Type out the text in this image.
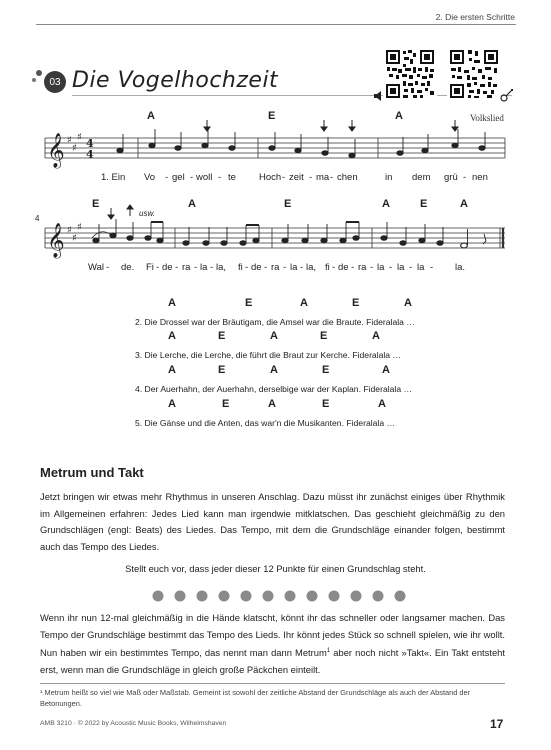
2. Die ersten Schritte
03 Die Vogelhochzeit
Volkslied
𝄞 ♯
♯
♯ 4
4
A	E	A
1. Ein Vo - gel - woll - te Hoch - zeit - ma - chen	in dem grü - nen
4
𝄞 ♯
♯
♯
usw.
E	A	E	A	E	A
Wal - de. Fi - de - ra - la - la, fi - de - ra - la - la, fi - de - ra - la - la - la - la.
A	E	A	E	A
2. Die Drossel war der Bräutigam, die Amsel war die Braute. Fideralala …
A	E	A	E	A
3. Die Lerche, die Lerche, die führt die Braut zur Kerche. Fideralala …
A	E	A	E	A
4. Der Auerhahn, der Auerhahn, derselbige war der Kaplan. Fideralala …
A	E	A	E	A
5. Die Gänse und die Anten, das war'n die Musikanten. Fideralala …
Metrum und Takt
Jetzt bringen wir etwas mehr Rhythmus in unseren Anschlag. Dazu müsst ihr zunächst einiges über Rhythmik im Allgemeinen erfahren: Jedes Lied kann man irgendwie mitklatschen. Das geschieht gleichmäßig zu den Grundschlägen (engl: Beats) des Liedes. Das Tempo, mit dem die Grundschläge einander folgen, bestimmt auch das Tempo des Liedes.
Stellt euch vor, dass jeder dieser 12 Punkte für einen Grundschlag steht.
Wenn ihr nun 12-mal gleichmäßig in die Hände klatscht, könnt ihr das schneller oder langsamer machen. Das Tempo der Grundschläge bestimmt das Tempo des Lieds. Ihr könnt jedes Stück so schnell spielen, wie ihr wollt. Nun haben wir ein bestimmtes Tempo, das nennt man dann Metrum$^1$ aber noch nicht »Takt«. Ein Takt entsteht erst, wenn man die Grundschläge in gleich große Päckchen einteilt.
¹ Metrum heißt so viel wie Maß oder Maßstab. Gemeint ist sowohl der zeitliche Abstand der Grundschläge als auch der Abstand der Betonungen.
AMB 3210 · © 2022 by Acoustic Music Books, Wilhelmshaven	17
